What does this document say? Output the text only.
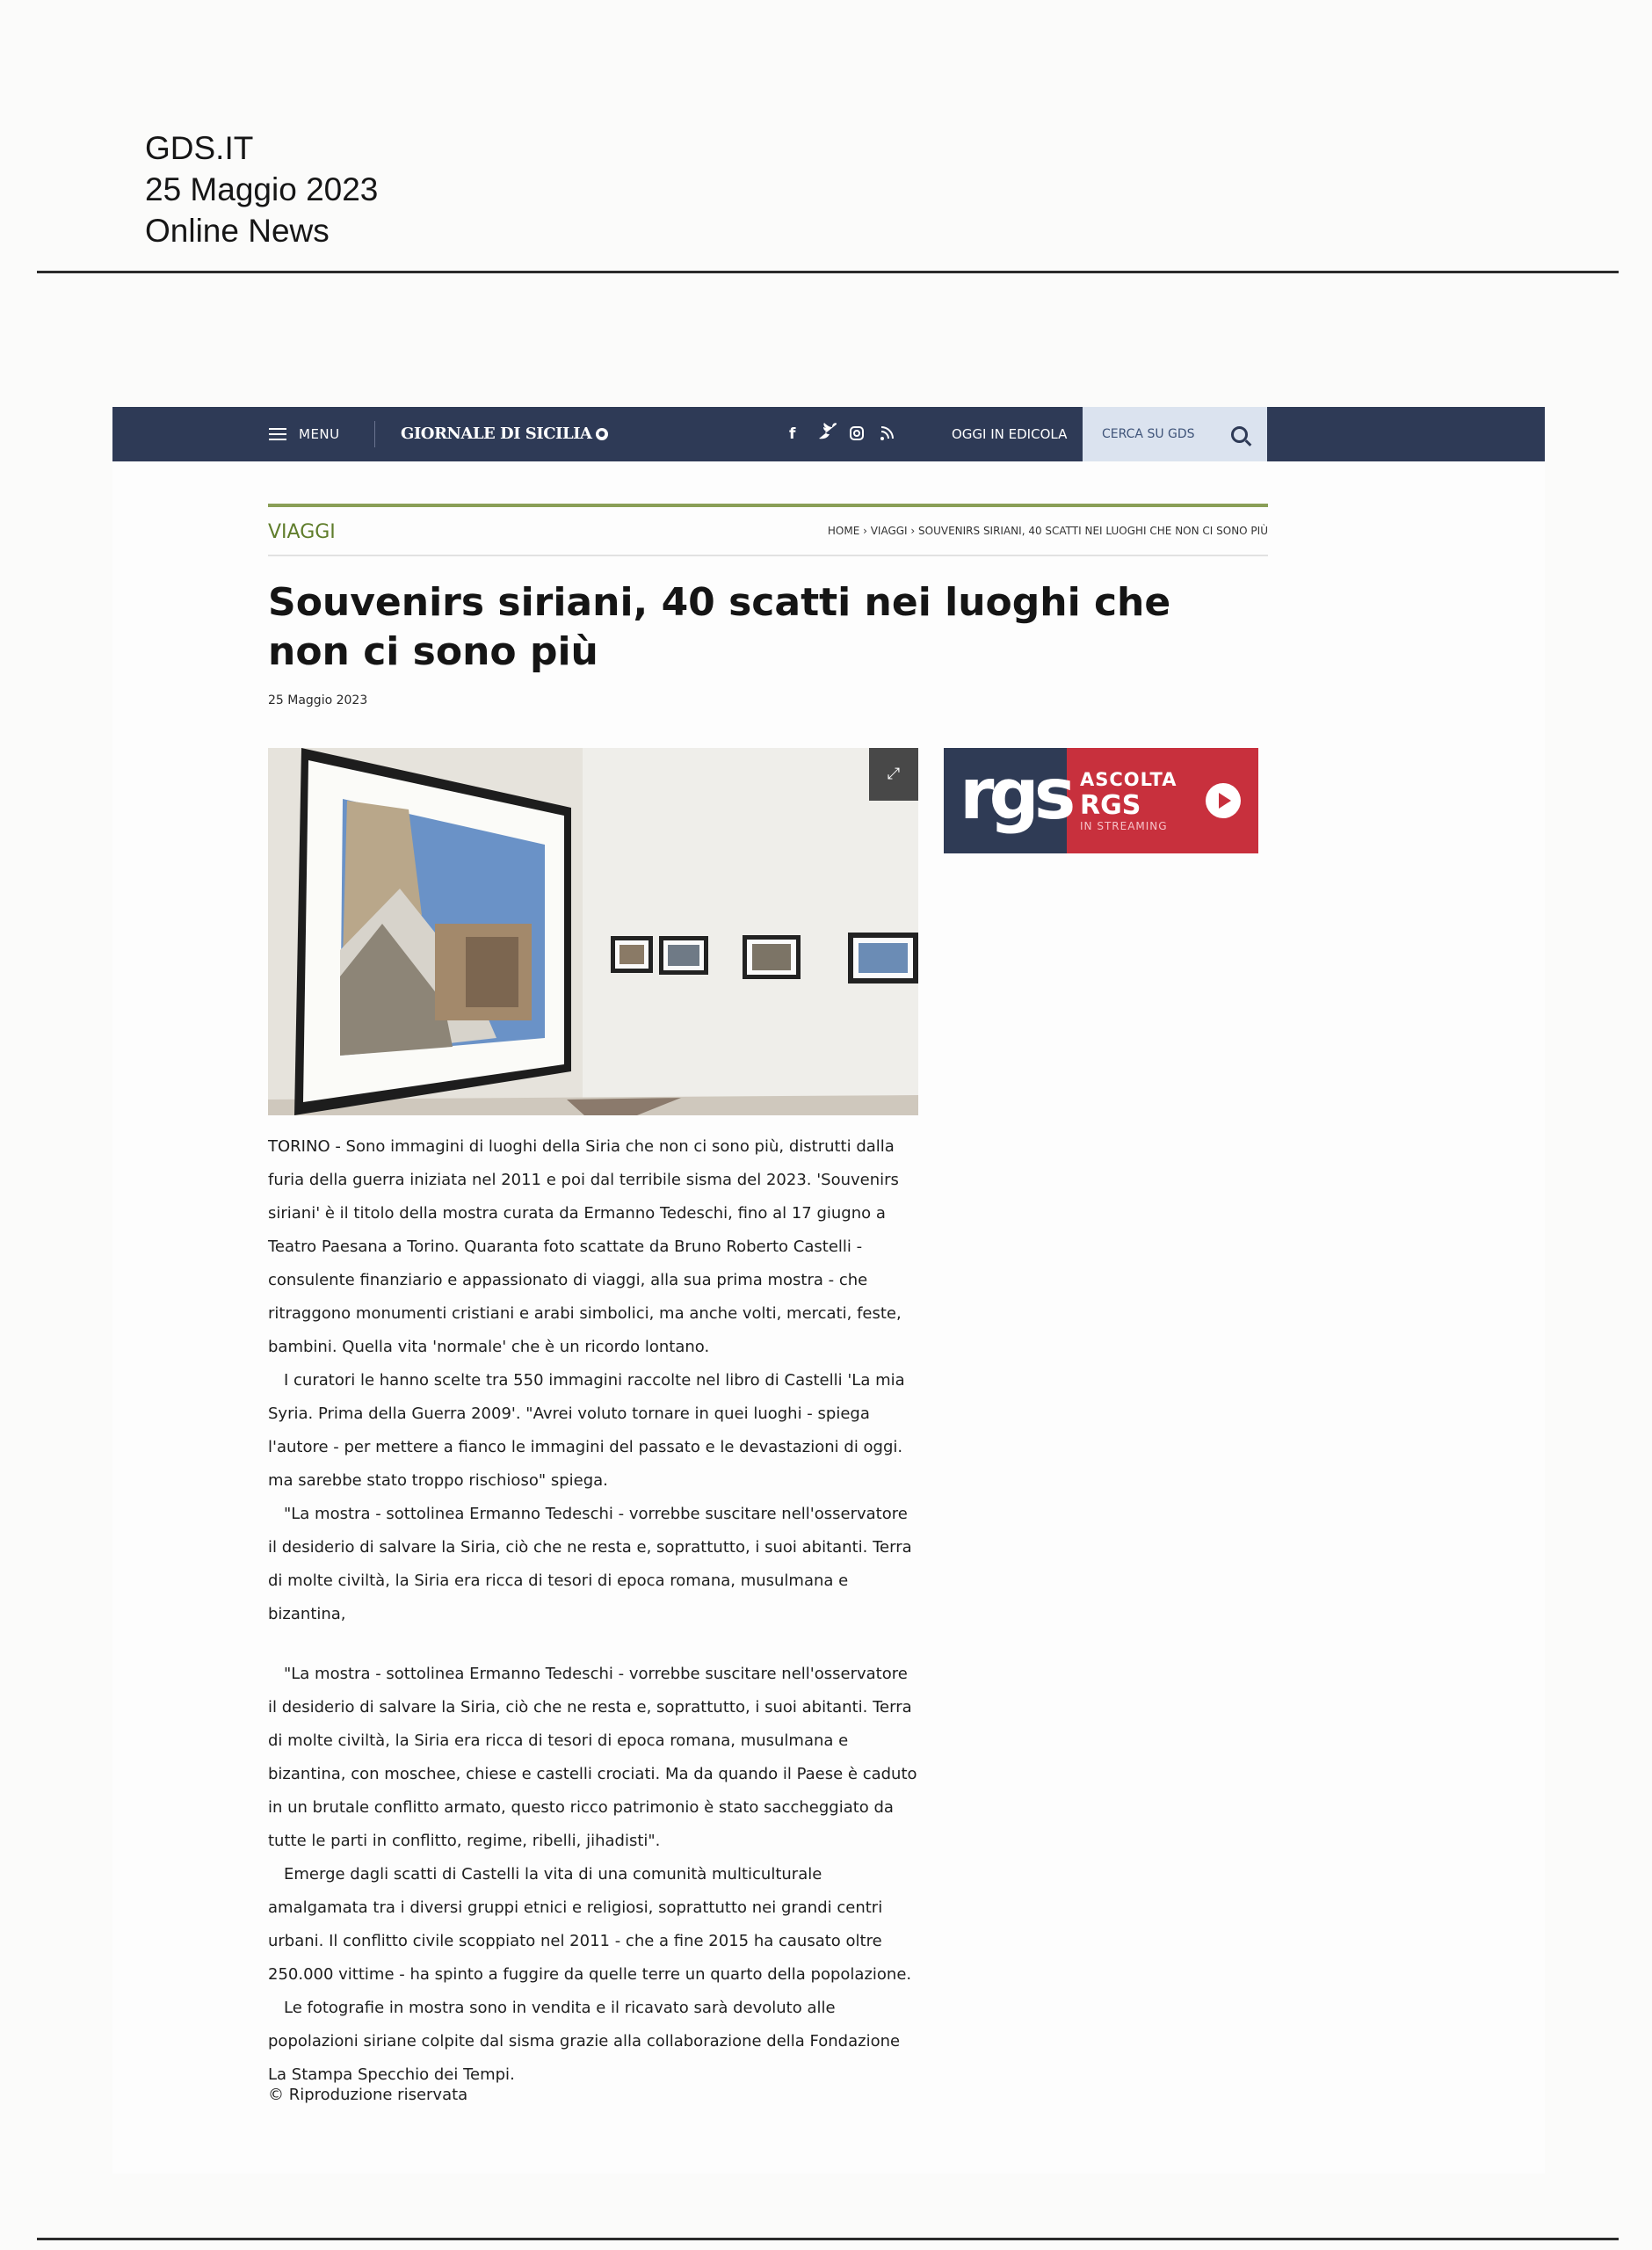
GDS.IT
25 Maggio 2023
Online News
MENU	GIORNALE DI SICILIA ●	f	OGGI IN EDICOLA	CERCA SU GDS
VIAGGI	HOME › VIAGGI › SOUVENIRS SIRIANI, 40 SCATTI NEI LUOGHI CHE NON CI SONO PIÙ
Souvenirs siriani, 40 scatti nei luoghi che non ci sono più
25 Maggio 2023
⤢ rgs ASCOLTA
RGS
IN STREAMING

TORINO - Sono immagini di luoghi della Siria che non ci sono più, distrutti dalla furia della guerra iniziata nel 2011 e poi dal terribile sisma del 2023. 'Souvenirs siriani' è il titolo della mostra curata da Ermanno Tedeschi, fino al 17 giugno a Teatro Paesana a Torino. Quaranta foto scattate da Bruno Roberto Castelli - consulente finanziario e appassionato di viaggi, alla sua prima mostra - che ritraggono monumenti cristiani e arabi simbolici, ma anche volti, mercati, feste, bambini. Quella vita 'normale' che è un ricordo lontano.

I curatori le hanno scelte tra 550 immagini raccolte nel libro di Castelli 'La mia Syria. Prima della Guerra 2009'. "Avrei voluto tornare in quei luoghi - spiega l'autore - per mettere a fianco le immagini del passato e le devastazioni di oggi. ma sarebbe stato troppo rischioso" spiega.

"La mostra - sottolinea Ermanno Tedeschi - vorrebbe suscitare nell'osservatore il desiderio di salvare la Siria, ciò che ne resta e, soprattutto, i suoi abitanti. Terra di molte civiltà, la Siria era ricca di tesori di epoca romana, musulmana e bizantina,

"La mostra - sottolinea Ermanno Tedeschi - vorrebbe suscitare nell'osservatore il desiderio di salvare la Siria, ciò che ne resta e, soprattutto, i suoi abitanti. Terra di molte civiltà, la Siria era ricca di tesori di epoca romana, musulmana e bizantina, con moschee, chiese e castelli crociati. Ma da quando il Paese è caduto in un brutale conflitto armato, questo ricco patrimonio è stato saccheggiato da tutte le parti in conflitto, regime, ribelli, jihadisti".

Emerge dagli scatti di Castelli la vita di una comunità multiculturale amalgamata tra i diversi gruppi etnici e religiosi, soprattutto nei grandi centri urbani. Il conflitto civile scoppiato nel 2011 - che a fine 2015 ha causato oltre 250.000 vittime - ha spinto a fuggire da quelle terre un quarto della popolazione.

Le fotografie in mostra sono in vendita e il ricavato sarà devoluto alle popolazioni siriane colpite dal sisma grazie alla collaborazione della Fondazione La Stampa Specchio dei Tempi.

© Riproduzione riservata
